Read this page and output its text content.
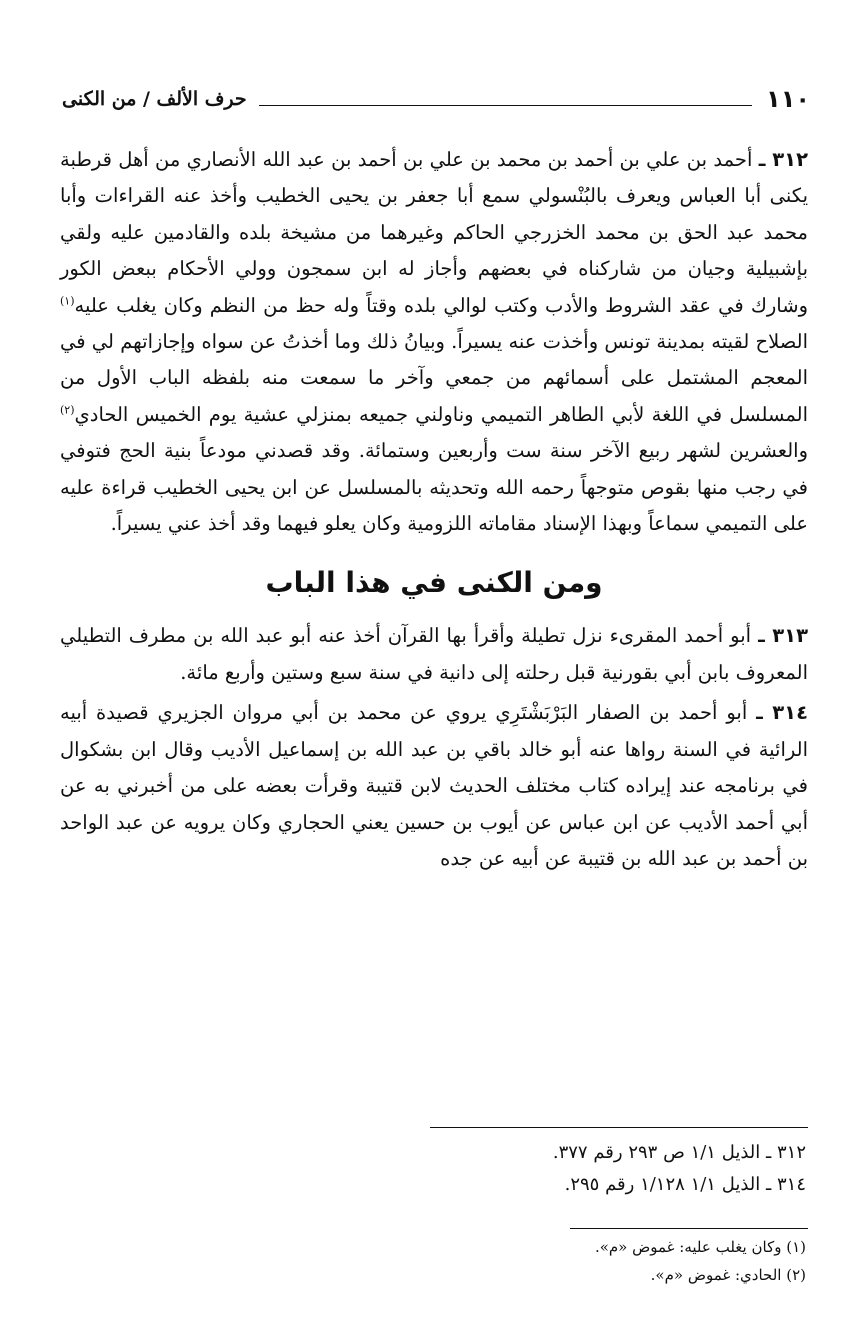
١١٠
حرف الألف / من الكنى

٣١٢ ـ أحمد بن علي بن أحمد بن محمد بن علي بن أحمد بن عبد الله الأنصاري من أهل قرطبة يكنى أبا العباس ويعرف بالبُنْسولي سمع أبا جعفر بن يحيى الخطيب وأخذ عنه القراءات وأبا محمد عبد الحق بن محمد الخزرجي الحاكم وغيرهما من مشيخة بلده والقادمين عليه ولقي بإشبيلية وجيان من شاركناه في بعضهم وأجاز له ابن سمجون وولي الأحكام ببعض الكور وشارك في عقد الشروط والأدب وكتب لوالي بلده وقتاً وله حظ من النظم وكان يغلب عليه$^{(١)}$ الصلاح لقيته بمدينة تونس وأخذت عنه يسيراً. وبيانُ ذلك وما أخذتُ عن سواه وإجازاتهم لي في المعجم المشتمل على أسمائهم من جمعي وآخر ما سمعت منه بلفظه الباب الأول من المسلسل في اللغة لأبي الطاهر التميمي وناولني جميعه بمنزلي عشية يوم الخميس الحادي$^{(٢)}$ والعشرين لشهر ربيع الآخر سنة ست وأربعين وستمائة. وقد قصدني مودعاً بنية الحج فتوفي في رجب منها بقوص متوجهاً رحمه الله وتحديثه بالمسلسل عن ابن يحيى الخطيب قراءة عليه على التميمي سماعاً وبهذا الإسناد مقاماته اللزومية وكان يعلو فيهما وقد أخذ عني يسيراً.

ومن الكنى في هذا الباب

٣١٣ ـ أبو أحمد المقرىء نزل تطيلة وأقرأ بها القرآن أخذ عنه أبو عبد الله بن مطرف التطيلي المعروف بابن أبي بقورنية قبل رحلته إلى دانية في سنة سبع وستين وأربع مائة.

٣١٤ ـ أبو أحمد بن الصفار البَرْبَشْتَرِي يروي عن محمد بن أبي مروان الجزيري قصيدة أبيه الرائية في السنة رواها عنه أبو خالد باقي بن عبد الله بن إسماعيل الأديب وقال ابن بشكوال في برنامجه عند إيراده كتاب مختلف الحديث لابن قتيبة وقرأت بعضه على من أخبرني به عن أبي أحمد الأديب عن ابن عباس عن أيوب بن حسين يعني الحجاري وكان يرويه عن عبد الواحد بن أحمد بن عبد الله بن قتيبة عن أبيه عن جده

٣١٢ ـ الذيل ١/١ ص ٢٩٣ رقم ٣٧٧.

٣١٤ ـ الذيل ١/١ ١/١٢٨ رقم ٢٩٥.

(١) وكان يغلب عليه: غموض «م».

(٢) الحادي: غموض «م».
